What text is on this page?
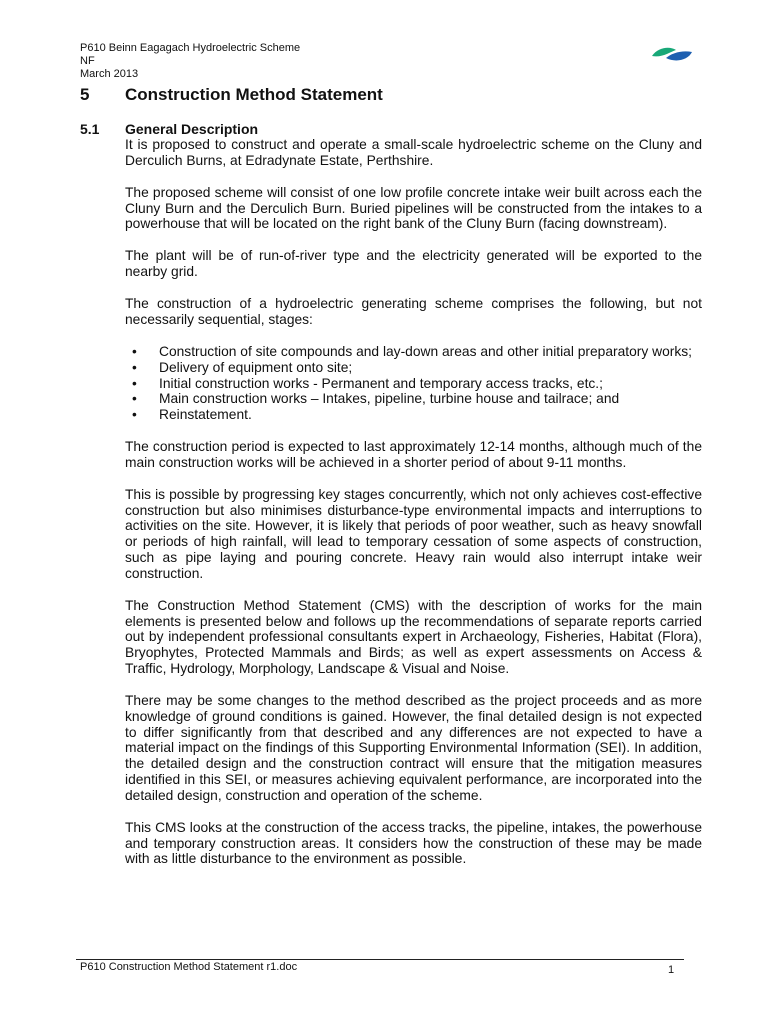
P610 Beinn Eagagach Hydroelectric Scheme
NF
March 2013
5 Construction Method Statement
5.1 General Description

It is proposed to construct and operate a small-scale hydroelectric scheme on the Cluny and Derculich Burns, at Edradynate Estate, Perthshire.

The proposed scheme will consist of one low profile concrete intake weir built across each the Cluny Burn and the Derculich Burn. Buried pipelines will be constructed from the intakes to a powerhouse that will be located on the right bank of the Cluny Burn (facing downstream).

The plant will be of run-of-river type and the electricity generated will be exported to the nearby grid.

The construction of a hydroelectric generating scheme comprises the following, but not necessarily sequential, stages:

• Construction of site compounds and lay-down areas and other initial preparatory works;
• Delivery of equipment onto site;
• Initial construction works - Permanent and temporary access tracks, etc.;
• Main construction works – Intakes, pipeline, turbine house and tailrace; and
• Reinstatement.

The construction period is expected to last approximately 12-14 months, although much of the main construction works will be achieved in a shorter period of about 9-11 months.

This is possible by progressing key stages concurrently, which not only achieves cost-effective construction but also minimises disturbance-type environmental impacts and interruptions to activities on the site. However, it is likely that periods of poor weather, such as heavy snowfall or periods of high rainfall, will lead to temporary cessation of some aspects of construction, such as pipe laying and pouring concrete. Heavy rain would also interrupt intake weir construction.

The Construction Method Statement (CMS) with the description of works for the main elements is presented below and follows up the recommendations of separate reports carried out by independent professional consultants expert in Archaeology, Fisheries, Habitat (Flora), Bryophytes, Protected Mammals and Birds; as well as expert assessments on Access & Traffic, Hydrology, Morphology, Landscape & Visual and Noise.

There may be some changes to the method described as the project proceeds and as more knowledge of ground conditions is gained. However, the final detailed design is not expected to differ significantly from that described and any differences are not expected to have a material impact on the findings of this Supporting Environmental Information (SEI). In addition, the detailed design and the construction contract will ensure that the mitigation measures identified in this SEI, or measures achieving equivalent performance, are incorporated into the detailed design, construction and operation of the scheme.

This CMS looks at the construction of the access tracks, the pipeline, intakes, the powerhouse and temporary construction areas. It considers how the construction of these may be made with as little disturbance to the environment as possible.

P610 Construction Method Statement r1.doc	1
